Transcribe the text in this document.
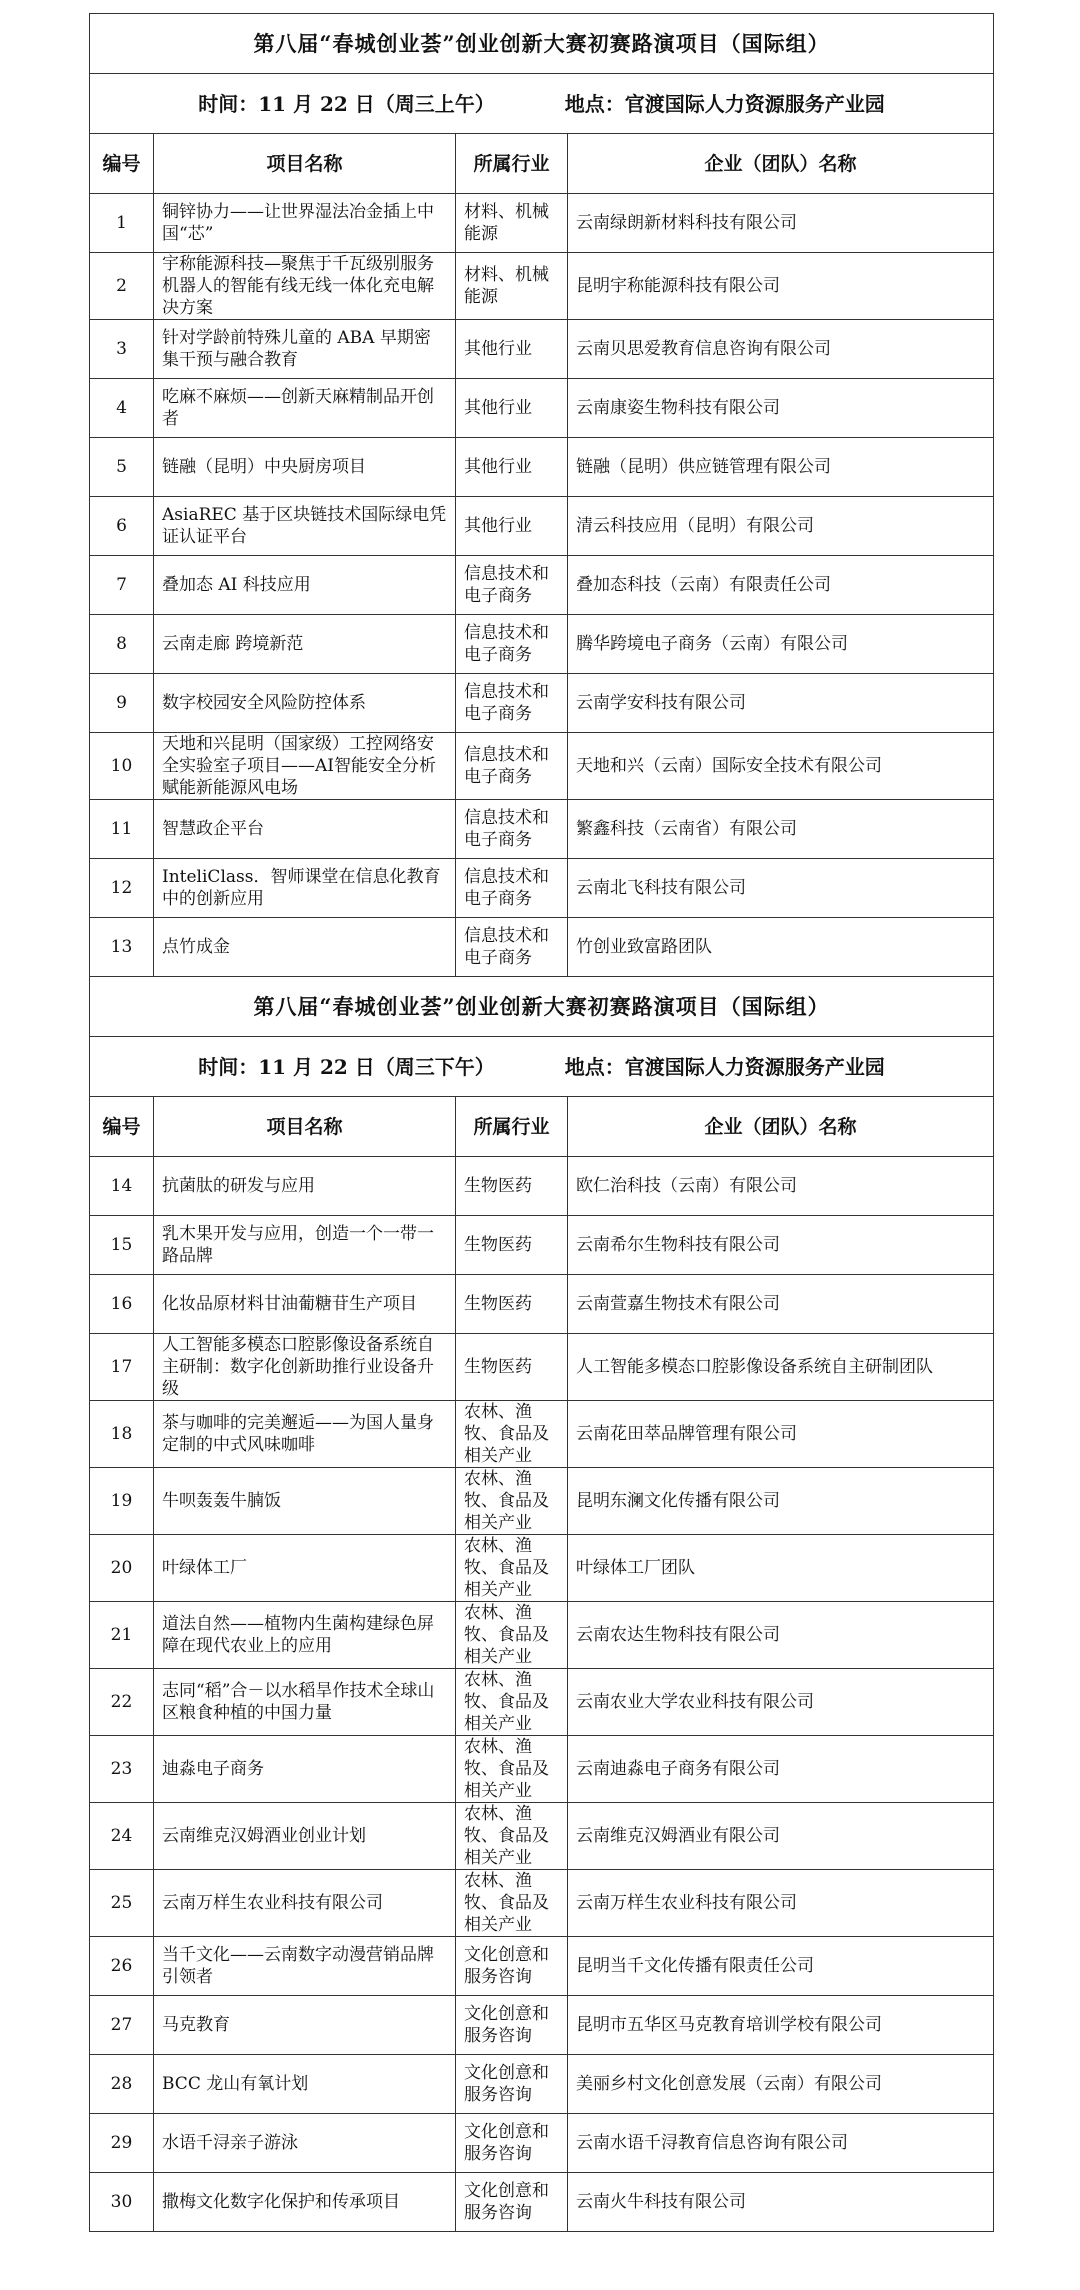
第八届“春城创业荟”创业创新大赛初赛路演项目（国际组）			
时间：11 月 22 日（周三上午） 地点：官渡国际人力资源服务产业园			
编号	项目名称	所属行业	企业（团队）名称
1	铜锌协力——让世界湿法冶金插上中国“芯”	材料、机械能源	云南绿朗新材料科技有限公司
2	宇称能源科技—聚焦于千瓦级别服务机器人的智能有线无线一体化充电解决方案	材料、机械能源	昆明宇称能源科技有限公司
3	针对学龄前特殊儿童的 ABA 早期密集干预与融合教育	其他行业	云南贝思爱教育信息咨询有限公司
4	吃麻不麻烦——创新天麻精制品开创者	其他行业	云南康姿生物科技有限公司
5	链融（昆明）中央厨房项目	其他行业	链融（昆明）供应链管理有限公司
6	AsiaREC 基于区块链技术国际绿电凭证认证平台	其他行业	清云科技应用（昆明）有限公司
7	叠加态 AI 科技应用	信息技术和电子商务	叠加态科技（云南）有限责任公司
8	云南走廊 跨境新范	信息技术和电子商务	腾华跨境电子商务（云南）有限公司
9	数字校园安全风险防控体系	信息技术和电子商务	云南学安科技有限公司
10	天地和兴昆明（国家级）工控网络安全实验室子项目——AI智能安全分析赋能新能源风电场	信息技术和电子商务	天地和兴（云南）国际安全技术有限公司
11	智慧政企平台	信息技术和电子商务	繁鑫科技（云南省）有限公司
12	InteliClass．智师课堂在信息化教育中的创新应用	信息技术和电子商务	云南北飞科技有限公司
13	点竹成金	信息技术和电子商务	竹创业致富路团队
第八届“春城创业荟”创业创新大赛初赛路演项目（国际组）			
时间：11 月 22 日（周三下午） 地点：官渡国际人力资源服务产业园			
编号	项目名称	所属行业	企业（团队）名称
14	抗菌肽的研发与应用	生物医药	欧仁治科技（云南）有限公司
15	乳木果开发与应用，创造一个一带一路品牌	生物医药	云南希尔生物科技有限公司
16	化妆品原材料甘油葡糖苷生产项目	生物医药	云南萱嘉生物技术有限公司
17	人工智能多模态口腔影像设备系统自主研制：数字化创新助推行业设备升级	生物医药	人工智能多模态口腔影像设备系统自主研制团队
18	茶与咖啡的完美邂逅——为国人量身定制的中式风味咖啡	农林、渔牧、食品及相关产业	云南花田萃品牌管理有限公司
19	牛呗轰轰牛腩饭	农林、渔牧、食品及相关产业	昆明东澜文化传播有限公司
20	叶绿体工厂	农林、渔牧、食品及相关产业	叶绿体工厂团队
21	道法自然——植物内生菌构建绿色屏障在现代农业上的应用	农林、渔牧、食品及相关产业	云南农达生物科技有限公司
22	志同“稻”合－以水稻旱作技术全球山区粮食种植的中国力量	农林、渔牧、食品及相关产业	云南农业大学农业科技有限公司
23	迪淼电子商务	农林、渔牧、食品及相关产业	云南迪淼电子商务有限公司
24	云南维克汉姆酒业创业计划	农林、渔牧、食品及相关产业	云南维克汉姆酒业有限公司
25	云南万样生农业科技有限公司	农林、渔牧、食品及相关产业	云南万样生农业科技有限公司
26	当千文化——云南数字动漫营销品牌引领者	文化创意和服务咨询	昆明当千文化传播有限责任公司
27	马克教育	文化创意和服务咨询	昆明市五华区马克教育培训学校有限公司
28	BCC 龙山有氧计划	文化创意和服务咨询	美丽乡村文化创意发展（云南）有限公司
29	水语千浔亲子游泳	文化创意和服务咨询	云南水语千浔教育信息咨询有限公司
30	撒梅文化数字化保护和传承项目	文化创意和服务咨询	云南火牛科技有限公司
